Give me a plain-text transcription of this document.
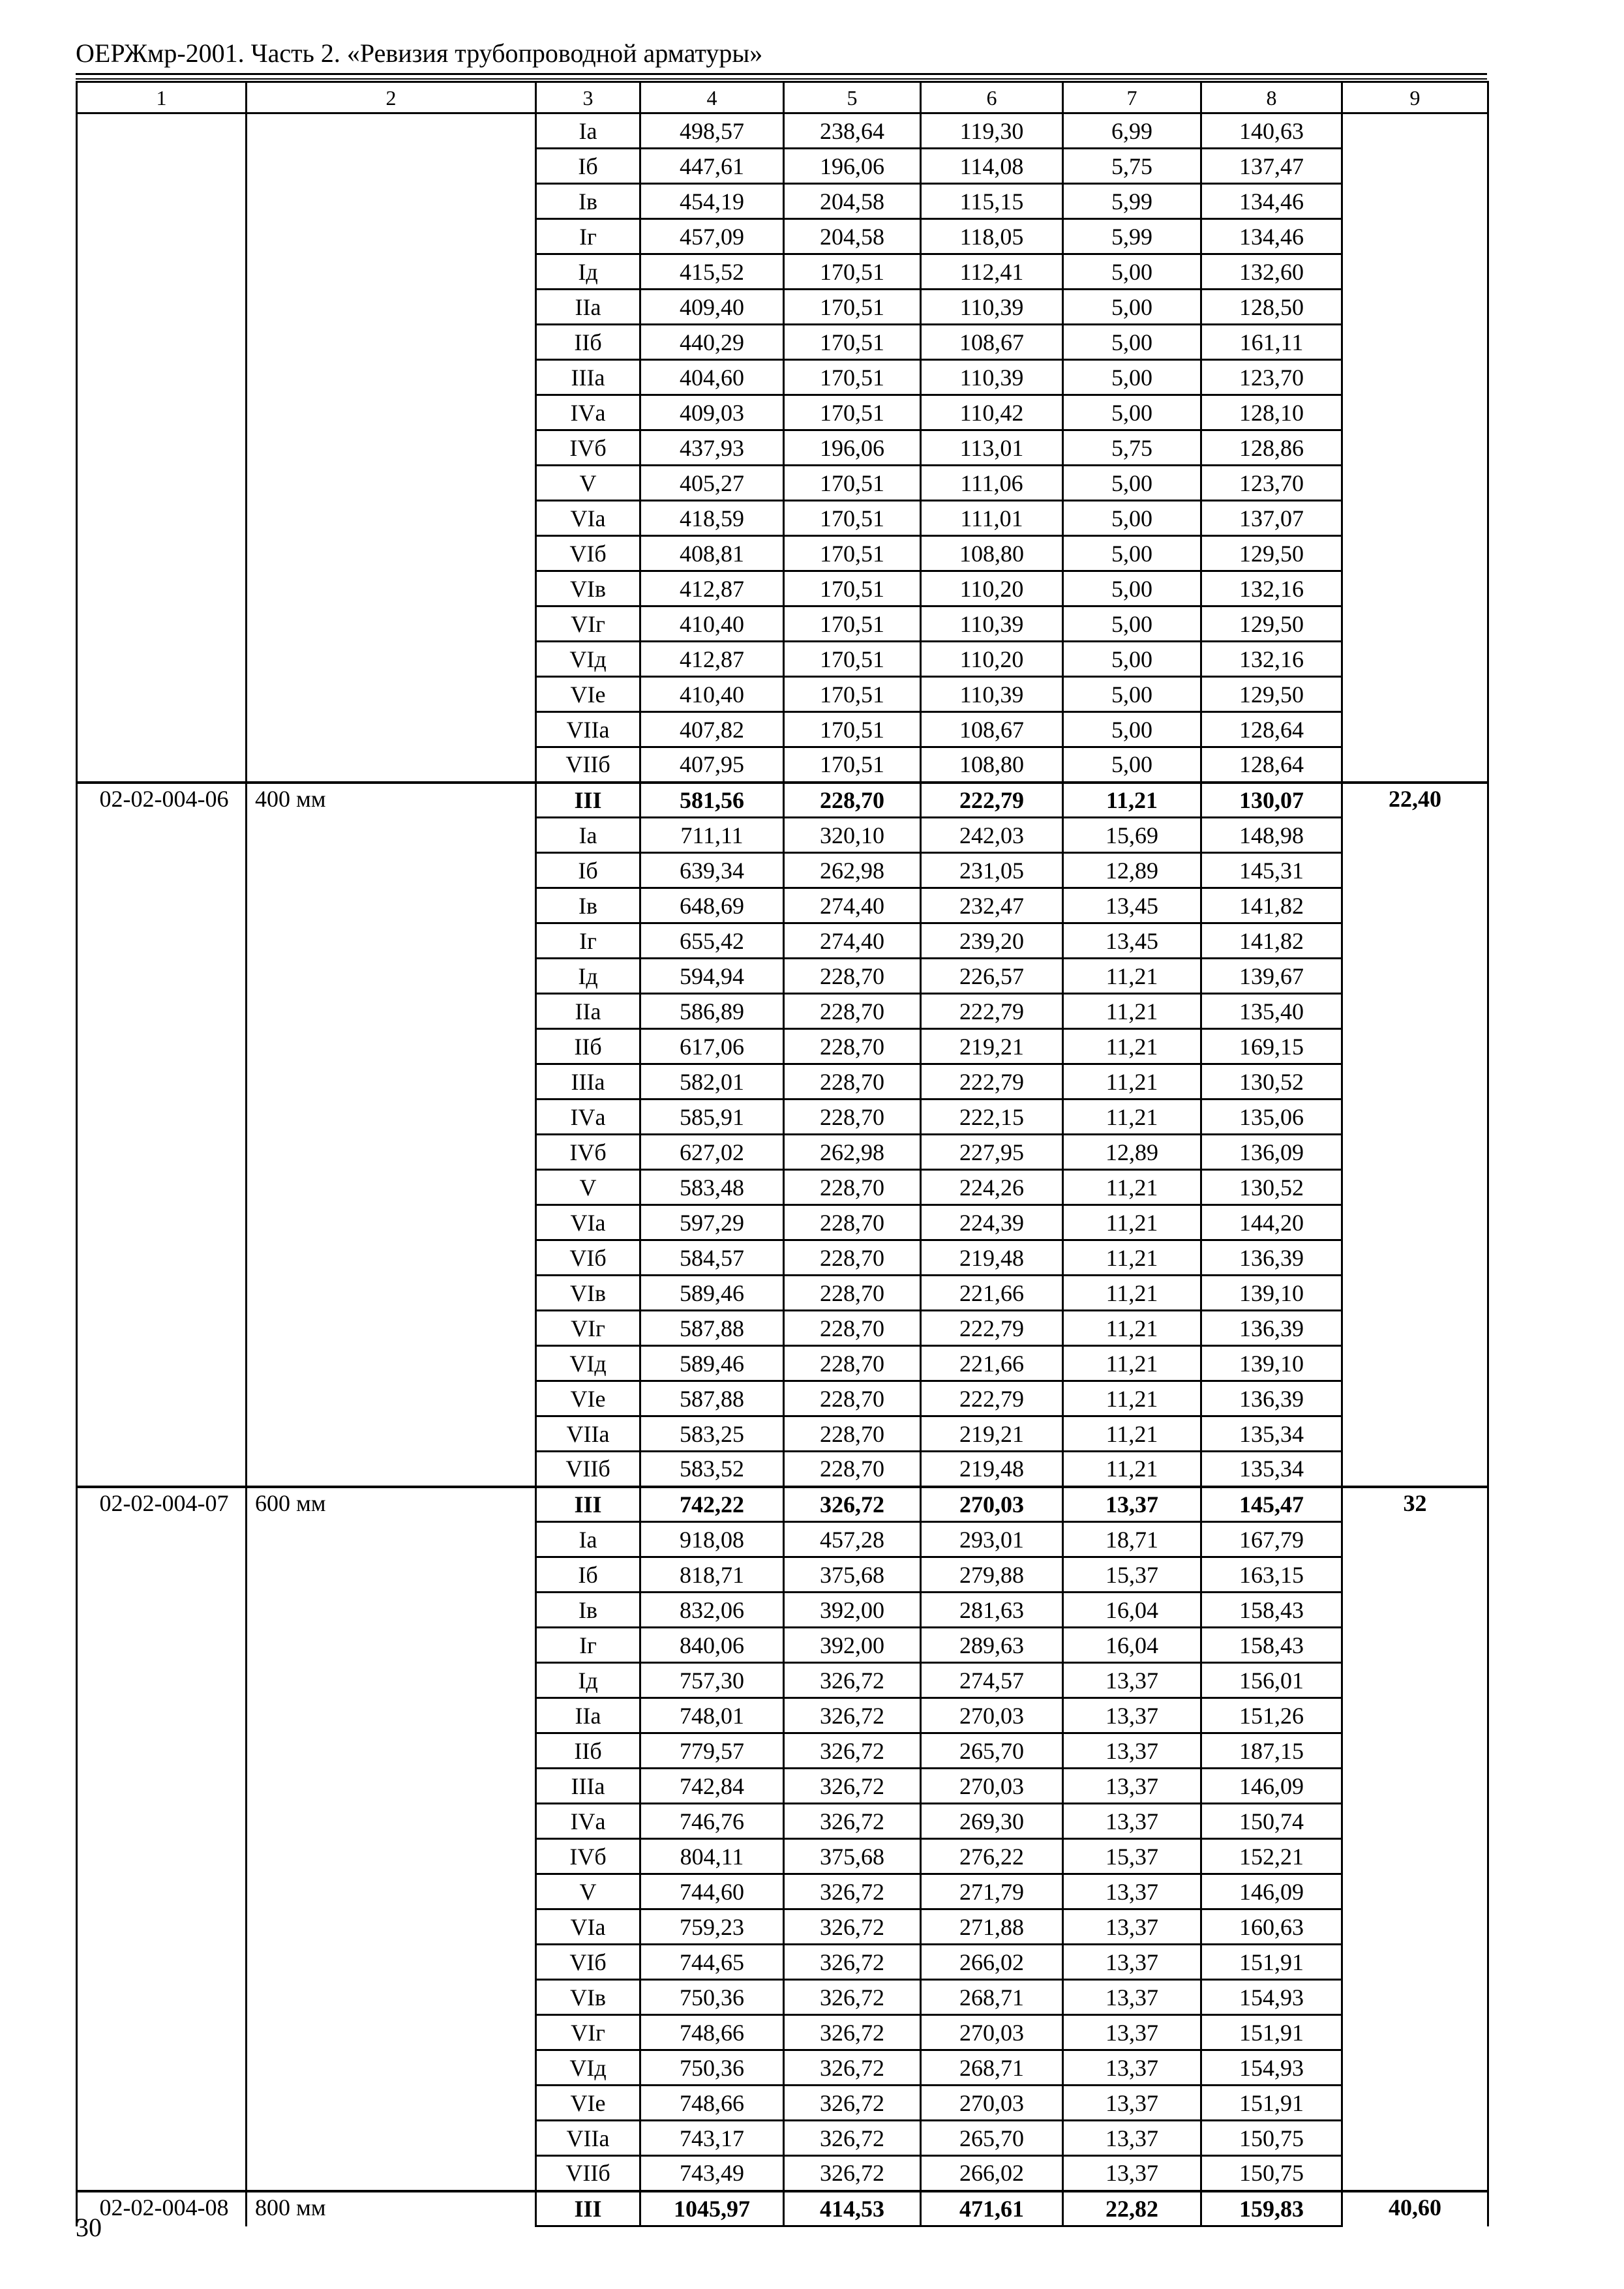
ОЕРЖмр-2001. Часть 2. «Ревизия трубопроводной арматуры»
1	2	3	4	5	6	7	8	9
		Ia	498,57	238,64	119,30	6,99	140,63	
		Iб	447,61	196,06	114,08	5,75	137,47	
		Iв	454,19	204,58	115,15	5,99	134,46	
		Iг	457,09	204,58	118,05	5,99	134,46	
		Iд	415,52	170,51	112,41	5,00	132,60	
		IIа	409,40	170,51	110,39	5,00	128,50	
		IIб	440,29	170,51	108,67	5,00	161,11	
		IIIа	404,60	170,51	110,39	5,00	123,70	
		IVа	409,03	170,51	110,42	5,00	128,10	
		IVб	437,93	196,06	113,01	5,75	128,86	
		V	405,27	170,51	111,06	5,00	123,70	
		VIа	418,59	170,51	111,01	5,00	137,07	
		VIб	408,81	170,51	108,80	5,00	129,50	
		VIв	412,87	170,51	110,20	5,00	132,16	
		VIг	410,40	170,51	110,39	5,00	129,50	
		VIд	412,87	170,51	110,20	5,00	132,16	
		VIе	410,40	170,51	110,39	5,00	129,50	
		VIIа	407,82	170,51	108,67	5,00	128,64	
		VIIб	407,95	170,51	108,80	5,00	128,64	
02-02-004-06	400 мм	III	581,56	228,70	222,79	11,21	130,07	22,40
		Ia	711,11	320,10	242,03	15,69	148,98	
		Iб	639,34	262,98	231,05	12,89	145,31	
		Iв	648,69	274,40	232,47	13,45	141,82	
		Iг	655,42	274,40	239,20	13,45	141,82	
		Iд	594,94	228,70	226,57	11,21	139,67	
		IIа	586,89	228,70	222,79	11,21	135,40	
		IIб	617,06	228,70	219,21	11,21	169,15	
		IIIа	582,01	228,70	222,79	11,21	130,52	
		IVа	585,91	228,70	222,15	11,21	135,06	
		IVб	627,02	262,98	227,95	12,89	136,09	
		V	583,48	228,70	224,26	11,21	130,52	
		VIа	597,29	228,70	224,39	11,21	144,20	
		VIб	584,57	228,70	219,48	11,21	136,39	
		VIв	589,46	228,70	221,66	11,21	139,10	
		VIг	587,88	228,70	222,79	11,21	136,39	
		VIд	589,46	228,70	221,66	11,21	139,10	
		VIе	587,88	228,70	222,79	11,21	136,39	
		VIIа	583,25	228,70	219,21	11,21	135,34	
		VIIб	583,52	228,70	219,48	11,21	135,34	
02-02-004-07	600 мм	III	742,22	326,72	270,03	13,37	145,47	32
		Ia	918,08	457,28	293,01	18,71	167,79	
		Iб	818,71	375,68	279,88	15,37	163,15	
		Iв	832,06	392,00	281,63	16,04	158,43	
		Iг	840,06	392,00	289,63	16,04	158,43	
		Iд	757,30	326,72	274,57	13,37	156,01	
		IIа	748,01	326,72	270,03	13,37	151,26	
		IIб	779,57	326,72	265,70	13,37	187,15	
		IIIа	742,84	326,72	270,03	13,37	146,09	
		IVа	746,76	326,72	269,30	13,37	150,74	
		IVб	804,11	375,68	276,22	15,37	152,21	
		V	744,60	326,72	271,79	13,37	146,09	
		VIа	759,23	326,72	271,88	13,37	160,63	
		VIб	744,65	326,72	266,02	13,37	151,91	
		VIв	750,36	326,72	268,71	13,37	154,93	
		VIг	748,66	326,72	270,03	13,37	151,91	
		VIд	750,36	326,72	268,71	13,37	154,93	
		VIе	748,66	326,72	270,03	13,37	151,91	
		VIIа	743,17	326,72	265,70	13,37	150,75	
		VIIб	743,49	326,72	266,02	13,37	150,75	
02-02-004-08	800 мм	III	1045,97	414,53	471,61	22,82	159,83	40,60
30
